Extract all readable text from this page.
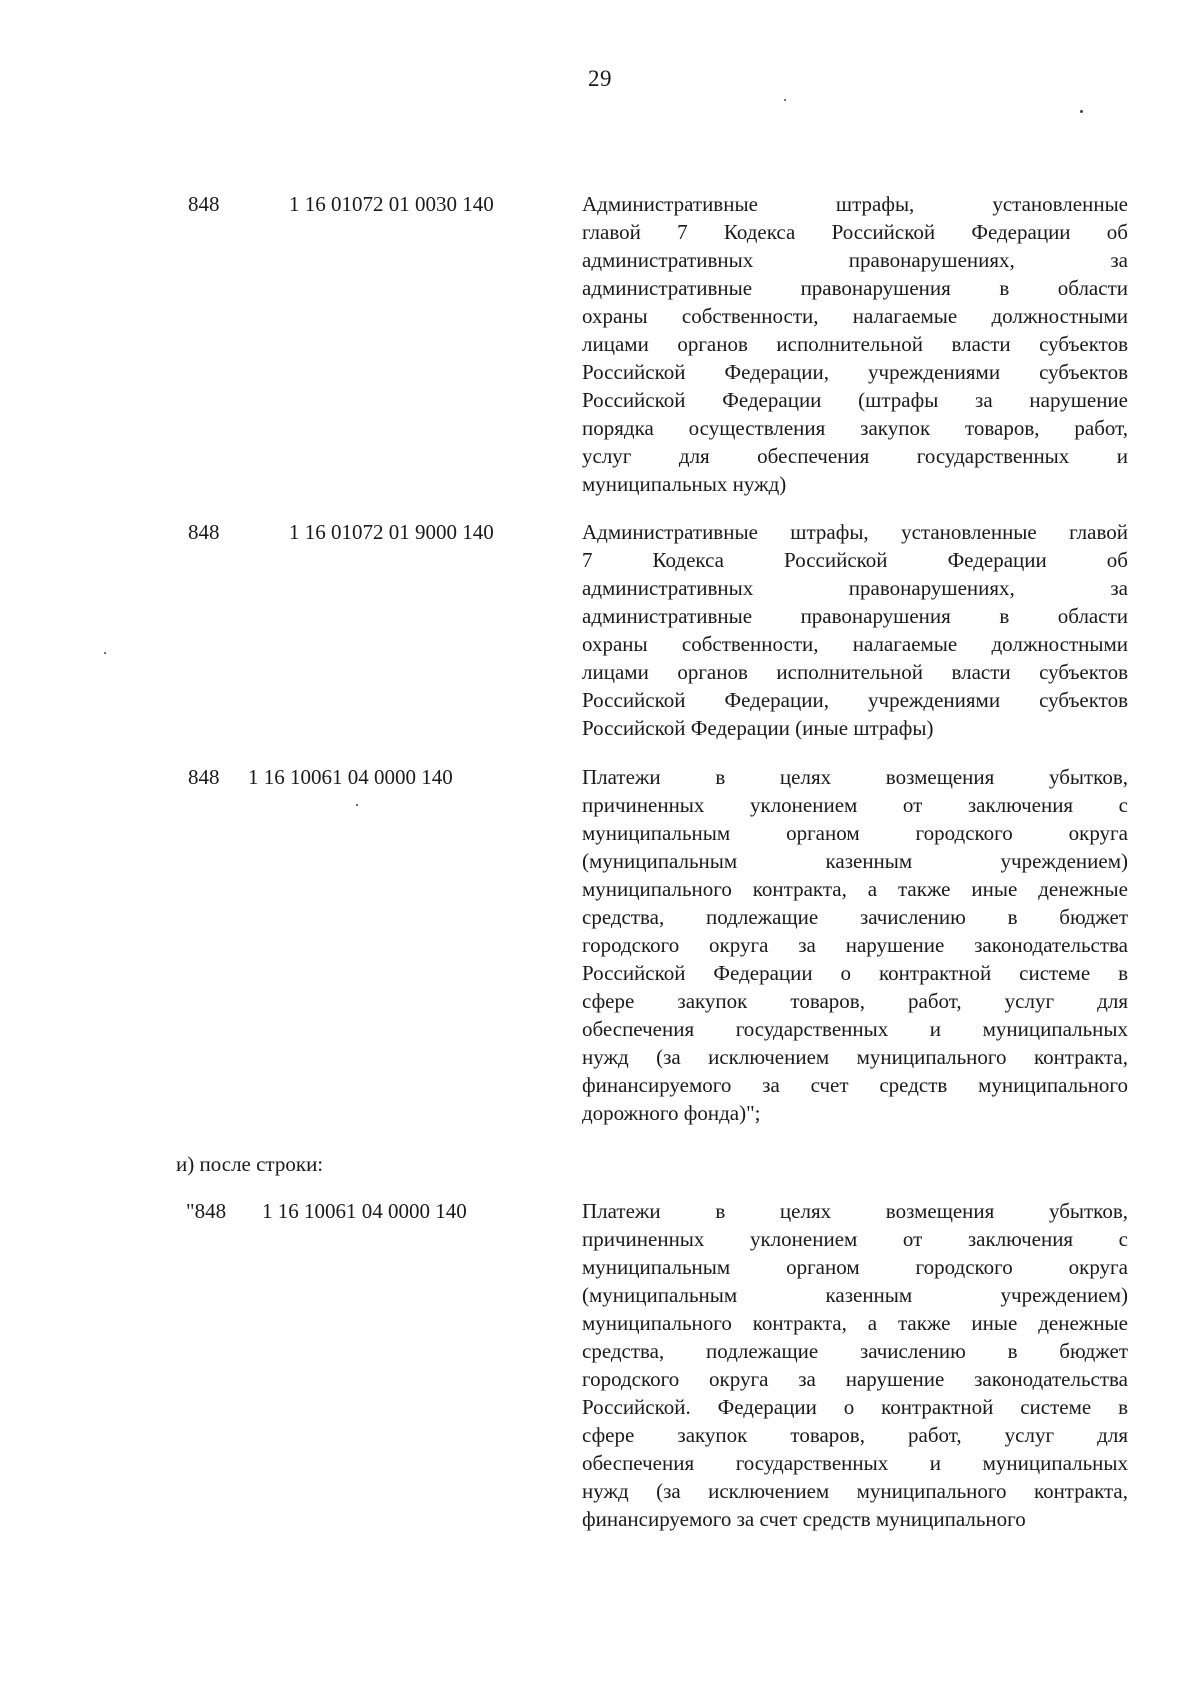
29
848	1 16 01072 01 0030 140	Административные штрафы, установленные
главой 7 Кодекса Российской Федерации об
административных правонарушениях, за
административные правонарушения в области
охраны собственности, налагаемые должностными
лицами органов исполнительной власти субъектов
Российской Федерации, учреждениями субъектов
Российской Федерации (штрафы за нарушение
порядка осуществления закупок товаров, работ,
услуг для обеспечения государственных и
муниципальных нужд)
848	1 16 01072 01 9000 140	Административные штрафы, установленные главой
7 Кодекса Российской Федерации об
административных правонарушениях, за
административные правонарушения в области
охраны собственности, налагаемые должностными
лицами органов исполнительной власти субъектов
Российской Федерации, учреждениями субъектов
Российской Федерации (иные штрафы)
848 1 16 10061 04 0000 140	Платежи в целях возмещения убытков,
причиненных уклонением от заключения с
муниципальным органом городского округа
(муниципальным казенным учреждением)
муниципального контракта, а также иные денежные
средства, подлежащие зачислению в бюджет
городского округа за нарушение законодательства
Российской Федерации о контрактной системе в
сфере закупок товаров, работ, услуг для
обеспечения государственных и муниципальных
нужд (за исключением муниципального контракта,
финансируемого за счет средств муниципального
дорожного фонда)";
и) после строки:
"848 1 16 10061 04 0000 140	Платежи в целях возмещения убытков,
причиненных уклонением от заключения с
муниципальным органом городского округа
(муниципальным казенным учреждением)
муниципального контракта, а также иные денежные
средства, подлежащие зачислению в бюджет
городского округа за нарушение законодательства
Российской. Федерации о контрактной системе в
сфере закупок товаров, работ, услуг для
обеспечения государственных и муниципальных
нужд (за исключением муниципального контракта,
финансируемого за счет средств муниципального
